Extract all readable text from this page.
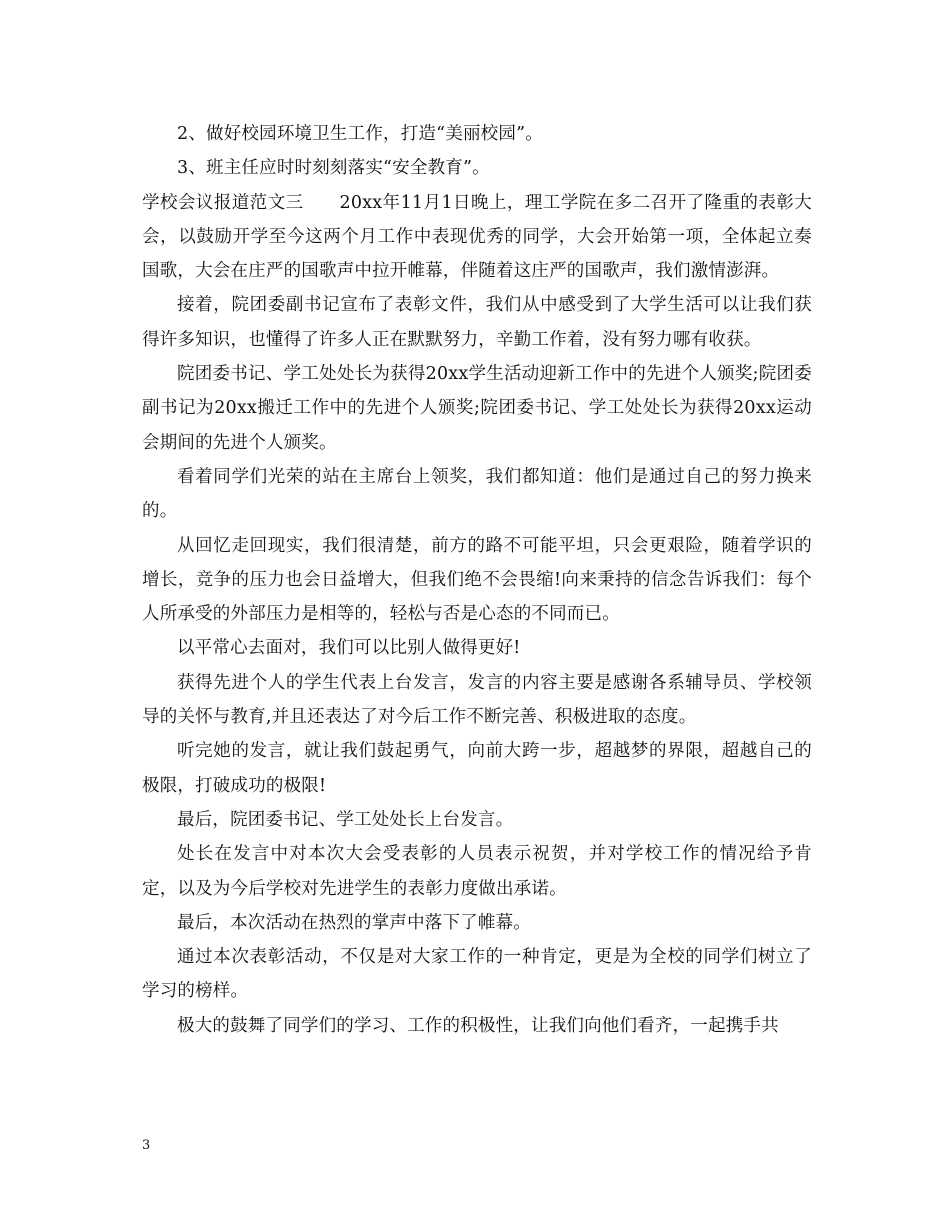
2、做好校园环境卫生工作，打造“美丽校园”。

3、班主任应时时刻刻落实“安全教育”。

学校会议报道范文三　　20xx年11月1日晚上，理工学院在多二召开了隆重的表彰大会，以鼓励开学至今这两个月工作中表现优秀的同学，大会开始第一项，全体起立奏国歌，大会在庄严的国歌声中拉开帷幕，伴随着这庄严的国歌声，我们激情澎湃。

接着，院团委副书记宣布了表彰文件，我们从中感受到了大学生活可以让我们获得许多知识，也懂得了许多人正在默默努力，辛勤工作着，没有努力哪有收获。

院团委书记、学工处处长为获得20xx学生活动迎新工作中的先进个人颁奖;院团委副书记为20xx搬迁工作中的先进个人颁奖;院团委书记、学工处处长为获得20xx运动会期间的先进个人颁奖。

看着同学们光荣的站在主席台上领奖，我们都知道：他们是通过自己的努力换来的。

从回忆走回现实，我们很清楚，前方的路不可能平坦，只会更艰险，随着学识的增长，竞争的压力也会日益增大，但我们绝不会畏缩!向来秉持的信念告诉我们：每个人所承受的外部压力是相等的，轻松与否是心态的不同而已。

以平常心去面对，我们可以比别人做得更好!

获得先进个人的学生代表上台发言，发言的内容主要是感谢各系辅导员、学校领导的关怀与教育,并且还表达了对今后工作不断完善、积极进取的态度。

听完她的发言，就让我们鼓起勇气，向前大跨一步，超越梦的界限，超越自己的极限，打破成功的极限!

最后，院团委书记、学工处处长上台发言。

处长在发言中对本次大会受表彰的人员表示祝贺，并对学校工作的情况给予肯定，以及为今后学校对先进学生的表彰力度做出承诺。

最后，本次活动在热烈的掌声中落下了帷幕。

通过本次表彰活动，不仅是对大家工作的一种肯定，更是为全校的同学们树立了学习的榜样。

极大的鼓舞了同学们的学习、工作的积极性，让我们向他们看齐，一起携手共

3
